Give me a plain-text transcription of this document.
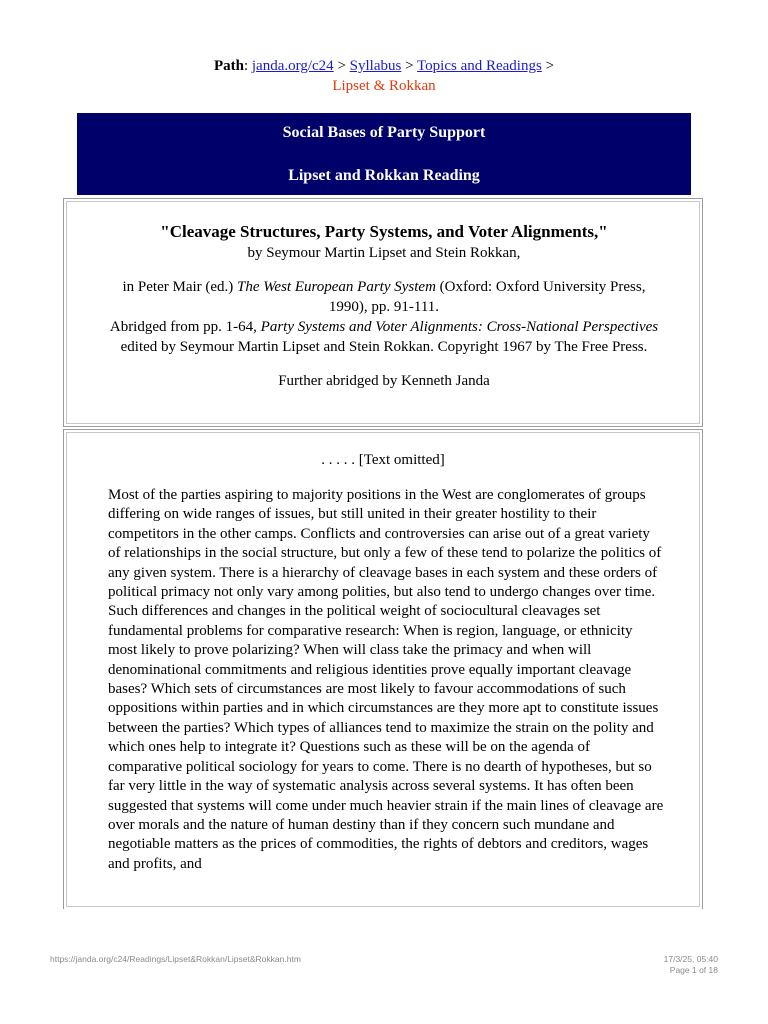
Path: janda.org/c24 > Syllabus > Topics and Readings >
Lipset & Rokkan
Social Bases of Party Support
Lipset and Rokkan Reading

"Cleavage Structures, Party Systems, and Voter Alignments,"

by Seymour Martin Lipset and Stein Rokkan,

in Peter Mair (ed.) The West European Party System (Oxford: Oxford University Press, 1990), pp. 91-111.

Abridged from pp. 1-64, Party Systems and Voter Alignments: Cross-National Perspectives edited by Seymour Martin Lipset and Stein Rokkan. Copyright 1967 by The Free Press.

Further abridged by Kenneth Janda

. . . . . [Text omitted]

Most of the parties aspiring to majority positions in the West are conglomerates of groups differing on wide ranges of issues, but still united in their greater hostility to their competitors in the other camps. Conflicts and controversies can arise out of a great variety of relationships in the social structure, but only a few of these tend to polarize the politics of any given system. There is a hierarchy of cleavage bases in each system and these orders of political primacy not only vary among polities, but also tend to undergo changes over time. Such differences and changes in the political weight of sociocultural cleavages set fundamental problems for comparative research: When is region, language, or ethnicity most likely to prove polarizing? When will class take the primacy and when will denominational commitments and religious identities prove equally important cleavage bases? Which sets of circumstances are most likely to favour accommodations of such oppositions within parties and in which circumstances are they more apt to constitute issues between the parties? Which types of alliances tend to maximize the strain on the polity and which ones help to integrate it? Questions such as these will be on the agenda of comparative political sociology for years to come. There is no dearth of hypotheses, but so far very little in the way of systematic analysis across several systems. It has often been suggested that systems will come under much heavier strain if the main lines of cleavage are over morals and the nature of human destiny than if they concern such mundane and negotiable matters as the prices of commodities, the rights of debtors and creditors, wages and profits, and

https://janda.org/c24/Readings/Lipset&Rokkan/Lipset&Rokkan.htm	17/3/25, 05:40
Page 1 of 18
